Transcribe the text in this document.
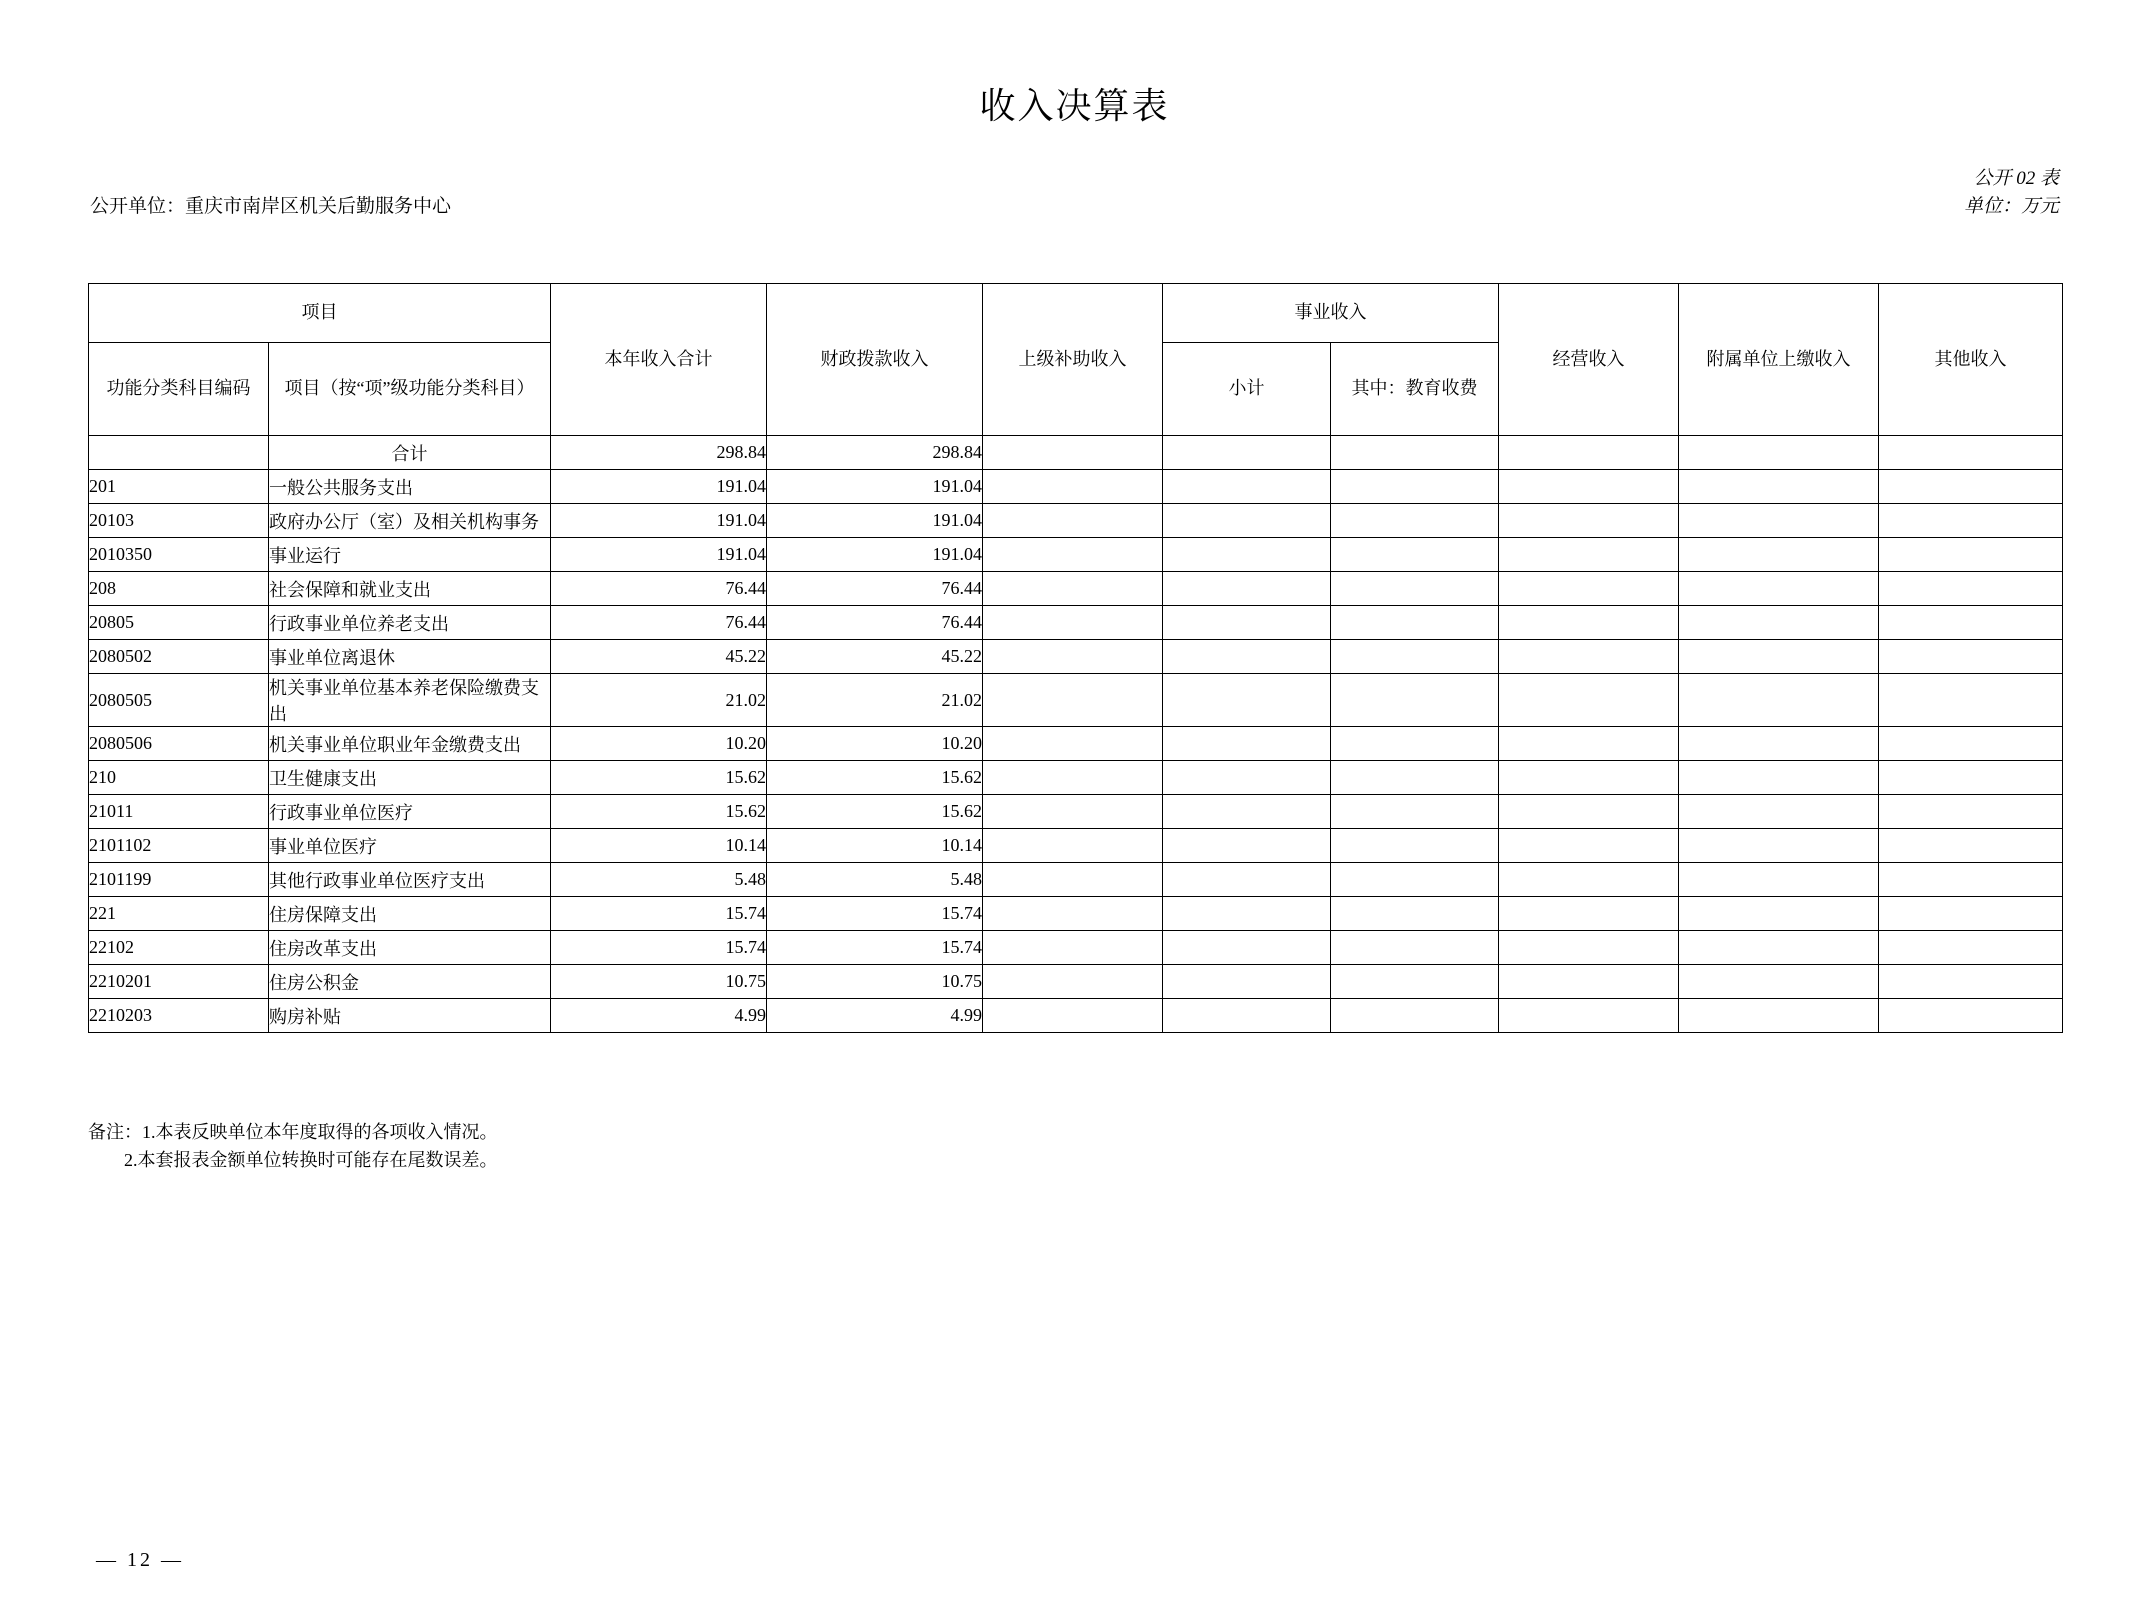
收入决算表
公开 02 表
公开单位：重庆市南岸区机关后勤服务中心	单位：万元
项目		本年收入合计	财政拨款收入	上级补助收入	事业收入		经营收入	附属单位上缴收入	其他收入
功能分类科目编码	项目（按“项”级功能分类科目）				小计	其中：教育收费			
	合计	298.84	298.84						
201	一般公共服务支出	191.04	191.04						
20103	政府办公厅（室）及相关机构事务	191.04	191.04						
2010350	事业运行	191.04	191.04						
208	社会保障和就业支出	76.44	76.44						
20805	行政事业单位养老支出	76.44	76.44						
2080502	事业单位离退休	45.22	45.22						
2080505	机关事业单位基本养老保险缴费支出	21.02	21.02						
2080506	机关事业单位职业年金缴费支出	10.20	10.20						
210	卫生健康支出	15.62	15.62						
21011	行政事业单位医疗	15.62	15.62						
2101102	事业单位医疗	10.14	10.14						
2101199	其他行政事业单位医疗支出	5.48	5.48						
221	住房保障支出	15.74	15.74						
22102	住房改革支出	15.74	15.74						
2210201	住房公积金	10.75	10.75						
2210203	购房补贴	4.99	4.99						
备注：1.本表反映单位本年度取得的各项收入情况。
2.本套报表金额单位转换时可能存在尾数误差。
— 12 —
